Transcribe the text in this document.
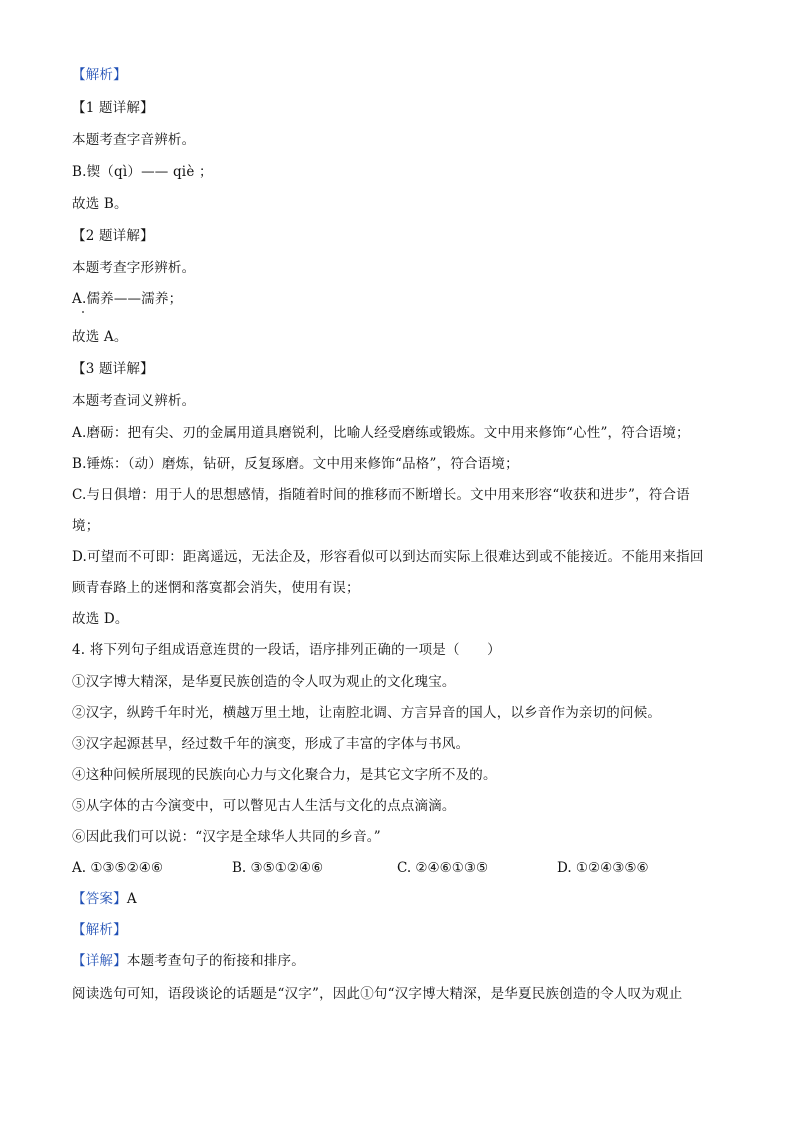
【解析】
【1 题详解】
本题考查字音辨析。
B.锲（qì）—— qiè ；
故选 B。
【2 题详解】
本题考查字形辨析。
A.儒养——濡养；
故选 A。
【3 题详解】
本题考查词义辨析。
A.磨砺：把有尖、刃的金属用道具磨锐利，比喻人经受磨练或锻炼。文中用来修饰“心性”，符合语境；
B.锤炼：（动）磨炼，钻研，反复琢磨。文中用来修饰“品格”，符合语境；
C.与日俱增：用于人的思想感情，指随着时间的推移而不断增长。文中用来形容“收获和进步”，符合语
境；
D.可望而不可即：距离遥远，无法企及，形容看似可以到达而实际上很难达到或不能接近。不能用来指回
顾青春路上的迷惘和落寞都会消失，使用有误；
故选 D。
4. 将下列句子组成语意连贯的一段话，语序排列正确的一项是（　　）
①汉字博大精深，是华夏民族创造的令人叹为观止的文化瑰宝。
②汉字，纵跨千年时光，横越万里土地，让南腔北调、方言异音的国人，以乡音作为亲切的问候。
③汉字起源甚早，经过数千年的演变，形成了丰富的字体与书风。
④这种问候所展现的民族向心力与文化聚合力，是其它文字所不及的。
⑤从字体的古今演变中，可以瞥见古人生活与文化的点点滴滴。
⑥因此我们可以说：“汉字是全球华人共同的乡音。”
A. ①③⑤②④⑥	B. ③⑤①②④⑥	C. ②④⑥①③⑤	D. ①②④③⑤⑥
【答案】A
【解析】
【详解】本题考查句子的衔接和排序。
阅读选句可知，语段谈论的话题是“汉字”，因此①句“汉字博大精深，是华夏民族创造的令人叹为观止
